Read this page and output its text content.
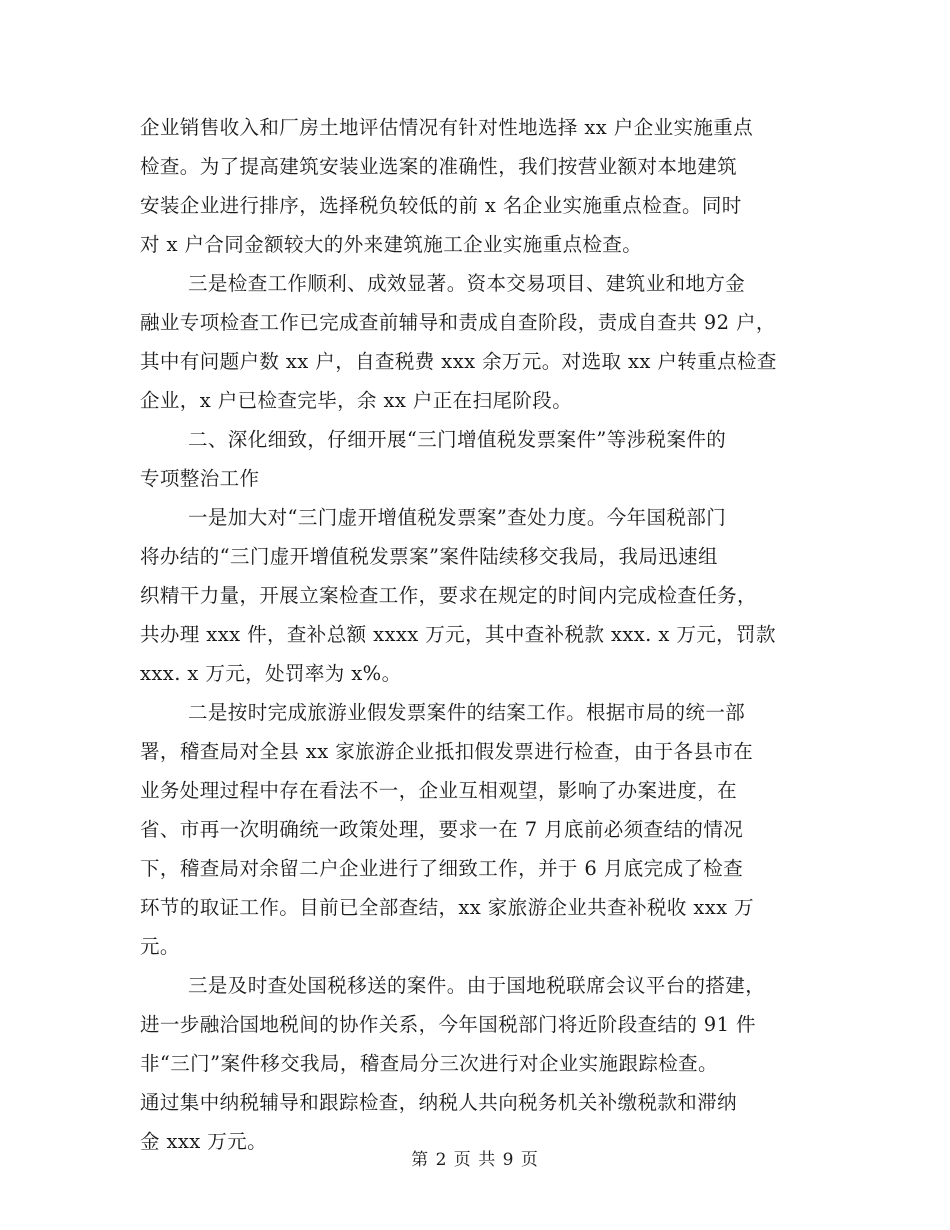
企业销售收入和厂房土地评估情况有针对性地选择 xx 户企业实施重点
检查。为了提高建筑安装业选案的准确性，我们按营业额对本地建筑
安装企业进行排序，选择税负较低的前 x 名企业实施重点检查。同时
对 x 户合同金额较大的外来建筑施工企业实施重点检查。
三是检查工作顺利、成效显著。资本交易项目、建筑业和地方金
融业专项检查工作已完成查前辅导和责成自查阶段，责成自查共 92 户，
其中有问题户数 xx 户，自查税费 xxx 余万元。对选取 xx 户转重点检查
企业，x 户已检查完毕，余 xx 户正在扫尾阶段。
二、深化细致，仔细开展“三门增值税发票案件”等涉税案件的
专项整治工作
一是加大对“三门虚开增值税发票案”查处力度。今年国税部门
将办结的“三门虚开增值税发票案”案件陆续移交我局，我局迅速组
织精干力量，开展立案检查工作，要求在规定的时间内完成检查任务，
共办理 xxx 件，查补总额 xxxx 万元，其中查补税款 xxx. x 万元，罚款
xxx. x 万元，处罚率为 x%。
二是按时完成旅游业假发票案件的结案工作。根据市局的统一部
署，稽查局对全县 xx 家旅游企业抵扣假发票进行检查，由于各县市在
业务处理过程中存在看法不一，企业互相观望，影响了办案进度，在
省、市再一次明确统一政策处理，要求一在 7 月底前必须查结的情况
下，稽查局对余留二户企业进行了细致工作，并于 6 月底完成了检查
环节的取证工作。目前已全部查结，xx 家旅游企业共查补税收 xxx 万
元。
三是及时查处国税移送的案件。由于国地税联席会议平台的搭建，
进一步融洽国地税间的协作关系，今年国税部门将近阶段查结的 91 件
非“三门”案件移交我局，稽查局分三次进行对企业实施跟踪检查。
通过集中纳税辅导和跟踪检查，纳税人共向税务机关补缴税款和滞纳
金 xxx 万元。
第 2 页 共 9 页
